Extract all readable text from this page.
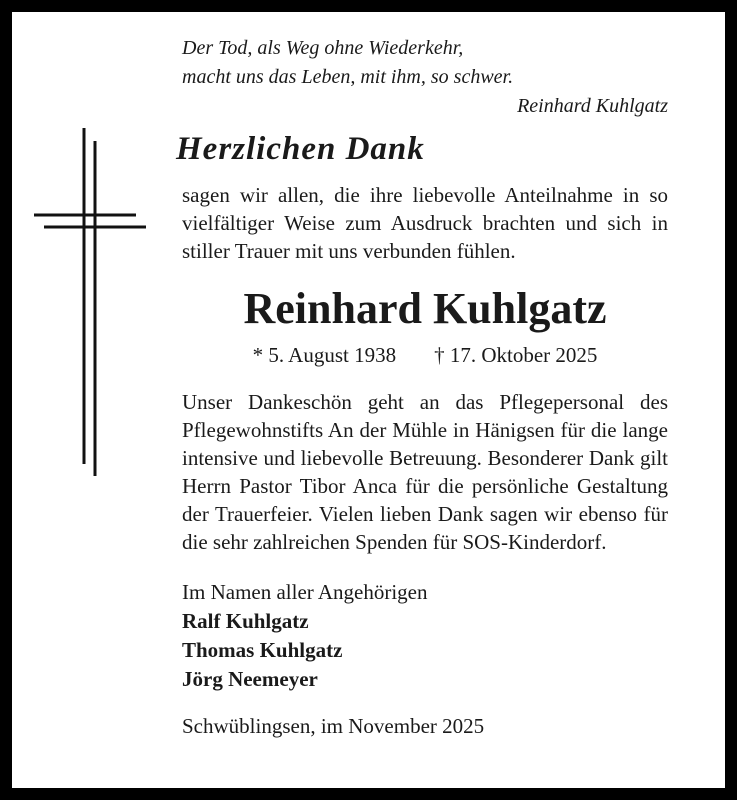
Der Tod, als Weg ohne Wiederkehr,
macht uns das Leben, mit ihm, so schwer.
Reinhard Kuhlgatz
Herzlichen Dank

sagen wir allen, die ihre liebevolle Anteilnahme in so vielfältiger Weise zum Ausdruck brachten und sich in stiller Trauer mit uns verbunden fühlen.

Reinhard Kuhlgatz
* 5. August 1938 † 17. Oktober 2025

Unser Dankeschön geht an das Pflegepersonal des Pflegewohnstifts An der Mühle in Hänigsen für die lange intensive und liebevolle Betreuung. Besonderer Dank gilt Herrn Pastor Tibor Anca für die persönliche Gestaltung der Trauerfeier. Vielen lieben Dank sagen wir ebenso für die sehr zahlreichen Spenden für SOS-Kinderdorf.

Im Namen aller Angehörigen
Ralf Kuhlgatz
Thomas Kuhlgatz
Jörg Neemeyer
Schwüblingsen, im November 2025
